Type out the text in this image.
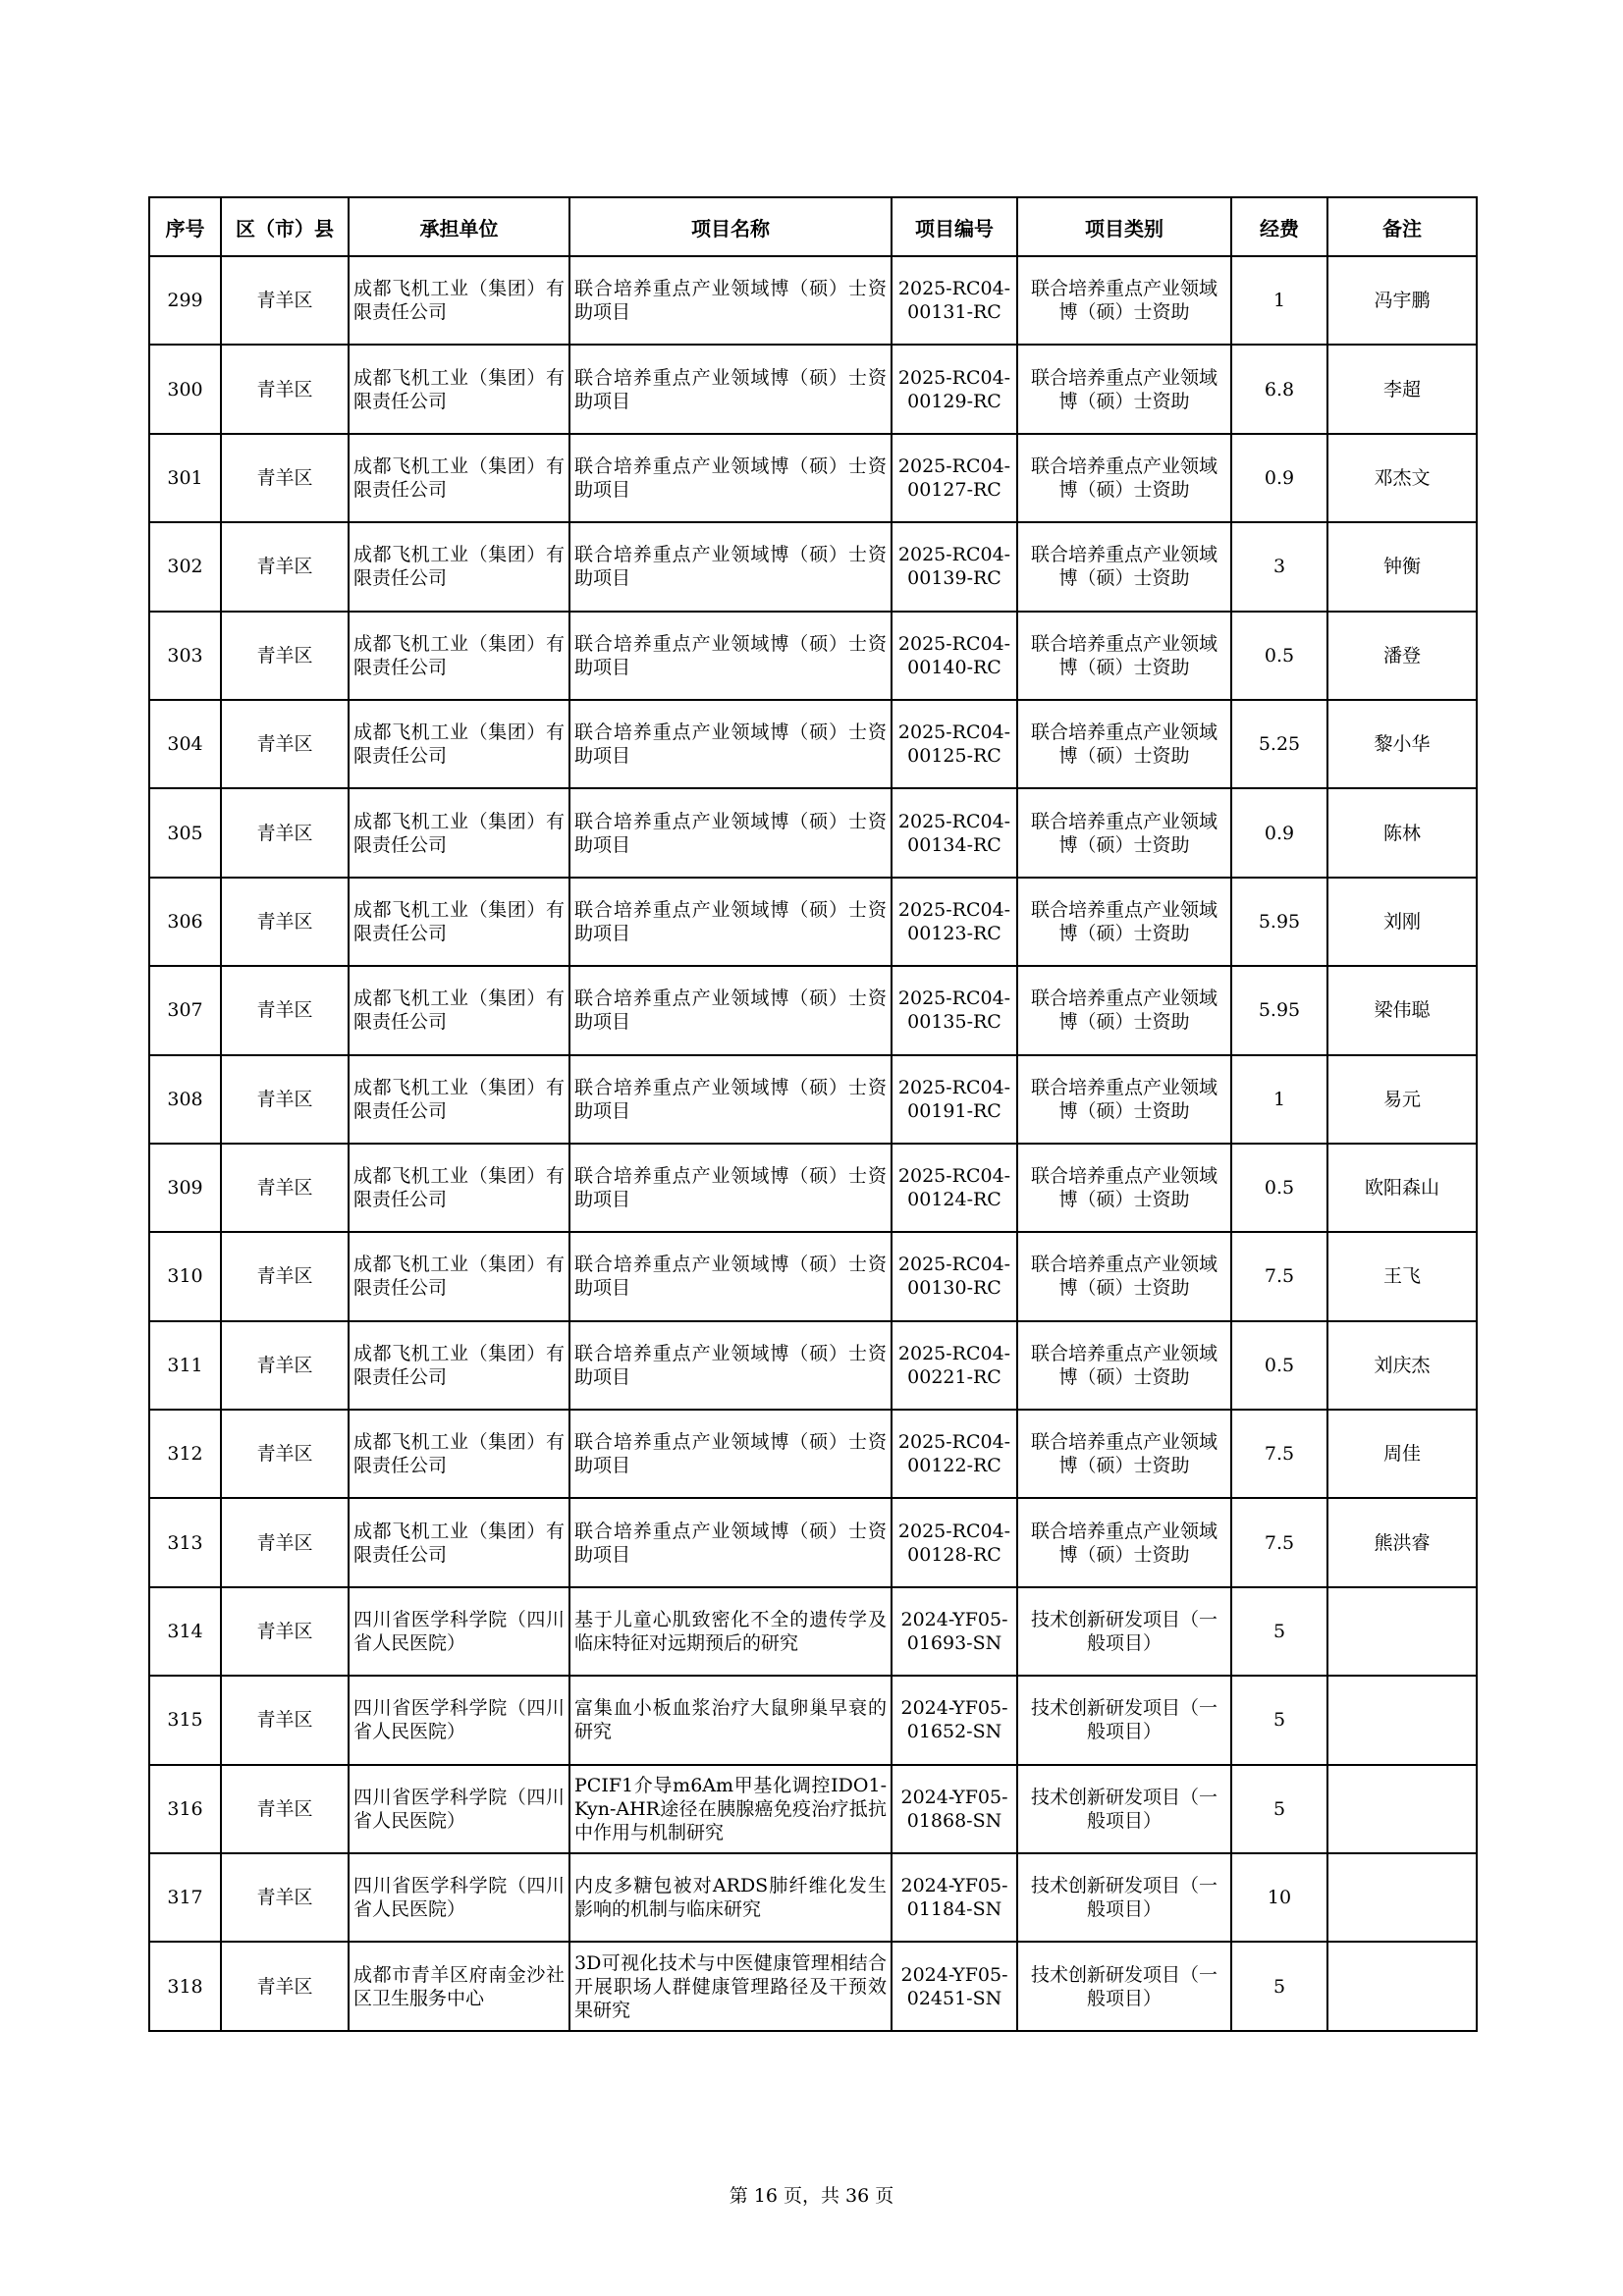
序号	区（市）县	承担单位	项目名称	项目编号	项目类别	经费	备注
299	青羊区	成都飞机工业（集团）有限责任公司	联合培养重点产业领域博（硕）士资助项目	2025-RC04-
00131-RC	联合培养重点产业领域博（硕）士资助	1	冯宇鹏
300	青羊区	成都飞机工业（集团）有限责任公司	联合培养重点产业领域博（硕）士资助项目	2025-RC04-
00129-RC	联合培养重点产业领域博（硕）士资助	6.8	李超
301	青羊区	成都飞机工业（集团）有限责任公司	联合培养重点产业领域博（硕）士资助项目	2025-RC04-
00127-RC	联合培养重点产业领域博（硕）士资助	0.9	邓杰文
302	青羊区	成都飞机工业（集团）有限责任公司	联合培养重点产业领域博（硕）士资助项目	2025-RC04-
00139-RC	联合培养重点产业领域博（硕）士资助	3	钟衡
303	青羊区	成都飞机工业（集团）有限责任公司	联合培养重点产业领域博（硕）士资助项目	2025-RC04-
00140-RC	联合培养重点产业领域博（硕）士资助	0.5	潘登
304	青羊区	成都飞机工业（集团）有限责任公司	联合培养重点产业领域博（硕）士资助项目	2025-RC04-
00125-RC	联合培养重点产业领域博（硕）士资助	5.25	黎小华
305	青羊区	成都飞机工业（集团）有限责任公司	联合培养重点产业领域博（硕）士资助项目	2025-RC04-
00134-RC	联合培养重点产业领域博（硕）士资助	0.9	陈林
306	青羊区	成都飞机工业（集团）有限责任公司	联合培养重点产业领域博（硕）士资助项目	2025-RC04-
00123-RC	联合培养重点产业领域博（硕）士资助	5.95	刘刚
307	青羊区	成都飞机工业（集团）有限责任公司	联合培养重点产业领域博（硕）士资助项目	2025-RC04-
00135-RC	联合培养重点产业领域博（硕）士资助	5.95	梁伟聪
308	青羊区	成都飞机工业（集团）有限责任公司	联合培养重点产业领域博（硕）士资助项目	2025-RC04-
00191-RC	联合培养重点产业领域博（硕）士资助	1	易元
309	青羊区	成都飞机工业（集团）有限责任公司	联合培养重点产业领域博（硕）士资助项目	2025-RC04-
00124-RC	联合培养重点产业领域博（硕）士资助	0.5	欧阳森山
310	青羊区	成都飞机工业（集团）有限责任公司	联合培养重点产业领域博（硕）士资助项目	2025-RC04-
00130-RC	联合培养重点产业领域博（硕）士资助	7.5	王飞
311	青羊区	成都飞机工业（集团）有限责任公司	联合培养重点产业领域博（硕）士资助项目	2025-RC04-
00221-RC	联合培养重点产业领域博（硕）士资助	0.5	刘庆杰
312	青羊区	成都飞机工业（集团）有限责任公司	联合培养重点产业领域博（硕）士资助项目	2025-RC04-
00122-RC	联合培养重点产业领域博（硕）士资助	7.5	周佳
313	青羊区	成都飞机工业（集团）有限责任公司	联合培养重点产业领域博（硕）士资助项目	2025-RC04-
00128-RC	联合培养重点产业领域博（硕）士资助	7.5	熊洪睿
314	青羊区	四川省医学科学院（四川省人民医院）	基于儿童心肌致密化不全的遗传学及临床特征对远期预后的研究	2024-YF05-
01693-SN	技术创新研发项目（一般项目）	5	
315	青羊区	四川省医学科学院（四川省人民医院）	富集血小板血浆治疗大鼠卵巢早衰的研究	2024-YF05-
01652-SN	技术创新研发项目（一般项目）	5	
316	青羊区	四川省医学科学院（四川省人民医院）	PCIF1介导m6Am甲基化调控IDO1-Kyn-AHR途径在胰腺癌免疫治疗抵抗中作用与机制研究	2024-YF05-
01868-SN	技术创新研发项目（一般项目）	5	
317	青羊区	四川省医学科学院（四川省人民医院）	内皮多糖包被对ARDS肺纤维化发生影响的机制与临床研究	2024-YF05-
01184-SN	技术创新研发项目（一般项目）	10	
318	青羊区	成都市青羊区府南金沙社区卫生服务中心	3D可视化技术与中医健康管理相结合开展职场人群健康管理路径及干预效果研究	2024-YF05-
02451-SN	技术创新研发项目（一般项目）	5	
第 16 页，共 36 页
